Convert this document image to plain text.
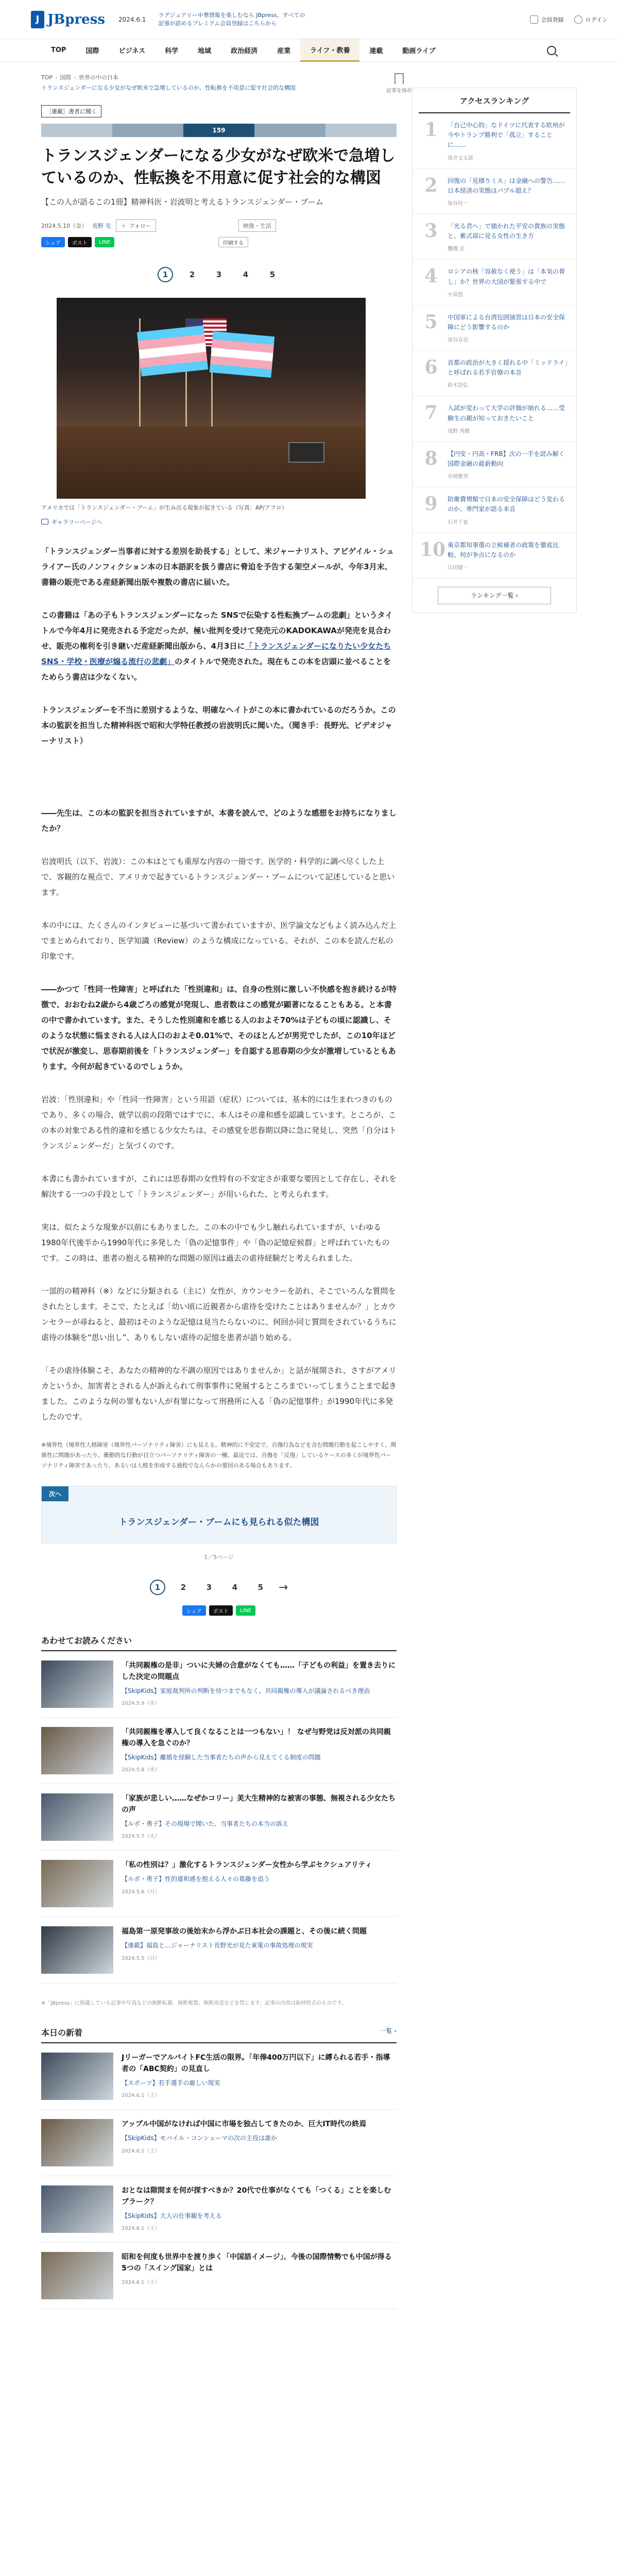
J JBpress 2024.6.1
ラグジュアリー中華情報を楽しむなら JBpress。すべての記事が読めるプレミアム会員登録はこちらから
会員登録	ログイン
TOP	国際	ビジネス	科学	地域	政治経済	産業	ライフ・教養	連載	動画ライブ
TOP › 国際 › 世界の中の日本
トランスジェンダーになる少女がなぜ欧米で急増しているのか、性転換を不用意に促す社会的な構図	記事を保存
［連載］書者に聞く
159
トランスジェンダーになる少女がなぜ欧米で急増しているのか、性転換を不用意に促す社会的な構図
【この人が語るこの1冊】精神科医・岩波明と考えるトランスジェンダー・ブーム
2024.5.10（金） 長野 光 ＋ フォロー	映像・生活
シェア	ポスト	LINE	印刷する
1	2	3	4	5
アメリカでは「トランスジェンダー・ブーム」が生み出る現象が起きている（写真：AP/アフロ）
ギャラリーページへ

「トランスジェンダー当事者に対する差別を助長する」として、米ジャーナリスト、アビゲイル・シュライアー氏のノンフィクション本の日本語訳を扱う書店に脅迫を予告する架空メールが、今年3月末、書籍の販売である産経新聞出版や複数の書店に届いた。

この書籍は「あの子もトランスジェンダーになった SNSで伝染する性転換ブームの悲劇」というタイトルで今年4月に発売される予定だったが、極い批判を受けて発売元のKADOKAWAが発売を見合わせ、販売の権利を引き継いだ産経新聞出版から、4月3日に「トランスジェンダーになりたい少女たち SNS・学校・医療が煽る流行の悲劇」のタイトルで発売された。現在もこの本を店頭に並べることをためらう書店は少なくない。

トランスジェンダーを不当に差別するような、明確なヘイトがこの本に書かれているのだろうか。この本の監訳を担当した精神科医で昭和大学特任教授の岩波明氏に聞いた。（聞き手：長野光、ビデオジャーナリスト）

――先生は、この本の監訳を担当されていますが、本書を読んで、どのような感想をお持ちになりましたか？

岩波明氏（以下、岩波）：この本はとても重厚な内容の一冊です。医学的・科学的に調べ尽くした上で、客観的な視点で、アメリカで起きているトランスジェンダー・ブームについて記述していると思います。

本の中には、たくさんのインタビューに基づいて書かれていますが、医学論文などもよく読み込んだ上でまとめられており、医学知識（Review）のような構成になっている。それが、この本を読んだ私の印象です。

――かつて「性同一性障害」と呼ばれた「性別違和」は、自身の性別に激しい不快感を抱き続けるが特徴で、おおむね2歳から4歳ごろの感覚が発現し、患者数はこの感覚が顕著になることもある。と本書の中で書かれています。また、そうした性別違和を感じる人のおよそ70%は子どもの頃に認識し、そのような状態に悩まされる人は人口のおよそ0.01%で、そのほとんどが男児でしたが、この10年ほどで状況が激変し、思春期前後を「トランスジェンダー」を自認する思春期の少女が激増しているともあります。今何が起きているのでしょうか。

岩波：「性別違和」や「性同一性障害」という用語（症状）については、基本的には生まれつきのものであり、多くの場合、就学以前の段階ではすでに、本人はその違和感を認識しています。ところが、この本の対象である性的違和を感じる少女たちは、その感覚を思春期以降に急に発見し、突然「自分はトランスジェンダーだ」と気づくのです。

本書にも書かれていますが、これには思春期の女性特有の不安定さが重要な要因として存在し、それを解決する一つの手段として「トランスジェンダー」が用いられた、と考えられます。

実は、似たような現象が以前にもありました。この本の中でも少し触れられていますが、いわゆる1980年代後半から1990年代に多発した「偽の記憶事件」や「偽の記憶症候群」と呼ばれていたものです。この時は、患者の抱える精神的な問題の原因は過去の虐待経験だと考えられました。

一部的の精神科（※）などに分類される（主に）女性が、カウンセラーを訪れ、そこでいろんな質問をされたとします。そこで、たとえば「幼い頃に近親者から虐待を受けたことはありませんか？」とカウンセラーが尋ねると、最初はそのような記憶は見当たらないのに、何回か同じ質問をされているうちに虐待の体験を“思い出し”、ありもしない虐待の記憶を患者が語り始める。

「その虐待体験こそ、あなたの精神的な不調の原因ではありませんか」と話が展開され、さすがアメリカというか、加害者とされる人が訴えられて刑事事件に発展するところまでいってしまうことまで起きました。このような何の罪もない人が有罪になって刑務所に入る「偽の記憶事件」が1990年代に多発したのです。

※境界性（境界性人格障害（境界性パーソナリティ障害）にも見える。精神的に不安定で、自傷行為などを含む問題行動を起こしやすく、関係性に問題があったり、衝動的な行動が目立つパーソナリティ障害の一種。最近では、自傷を「反復」しているケースの多くが境界性パーソナリティ障害であったり、あるいは人格を形成する過程でなんらかの要因のある場合もあります。
次へ
トランスジェンダー・ブームにも見られる似た構図
1／5ページ
1	2	3	4	5	→
シェア	ポスト	LINE
あわせてお読みください
「共同親権の是非」ついに夫婦の合意がなくても……「子どもの利益」を置き去りにした決定の問題点
【SkipKids】家庭裁判所の判断を待つまでもなく、共同親権の導入が議論されるべき理由
2024.5.9（木）
「共同親権を導入して良くなることは一つもない」！ なぜ与野党は反対派の共同親権の導入を急ぐのか？
【SkipKids】離婚を経験した当事者たちの声から見えてくる制度の問題
2024.5.8（水）
「家族が悲しい……なぜかコリー」美大生精神的な被害の事態、無視される少女たちの声
【ルポ・勇子】その現場で聞いた、当事者たちの本当の訴え
2024.5.7（火）
「私の性別は？」激化するトランスジェンダー女性から学ぶセクシュアリティ
【ルポ・勇子】性的違和感を抱える人々の葛藤を追う
2024.5.6（月）
福島第一原発事故の後始末から浮かぶ日本社会の課題と、その後に続く問題
【連載】福島と…ジャーナリスト長野光が見た東電の事故処理の現実
2024.5.5（日）
※「JBpress」に掲載している記事や写真などの無断転載、無断複製、無断改変などを禁じます。記事の内容は取材時点のものです。
本日の新着	一覧 ›
JリーガーでアルバイトFC生活の限界。「年俸400万円以下」に縛られる若手・指導者の「ABC契約」の見直し
【スポーツ】若手選手の厳しい現実
2024.6.1（土）
アップル中国がなければ中国に市場を独占してきたのか、巨大IT時代の終焉
【SkipKids】モバイル・コンシューマの次の主役は誰か
2024.6.1（土）
おとなは隙間まを何が探すべきか？20代で仕事がなくても「つくる」ことを楽しむブラーク？
【SkipKids】大人の仕事観を考える
2024.6.1（土）
昭和を何度も世界中を渡り歩く「中国語イメージ」、今後の国際情勢でも中国が得る5つの「スイング国家」とは
2024.6.1（土）
アクセスランキング
1	「自己中心的」なドイツに代表する欧州が今やトランプ勝利で「孤立」することに……
黒井文太郎
2	回復の「見積りミス」は金融への警告……日本経済の実態はバブル超え？
加谷珪一
3	「光る君へ」で描かれた平安の貴族の実態と、紫式部に見る女性の生き方
鷹橋 忍
4	ロシアの核「容赦なく使う」は「本気の脅し」か？世界の大国が緊張する中で
小泉悠
5	中国軍による台湾包囲演習は日本の安全保障にどう影響するのか
部谷直亮
6	首都の政治が大きく揺れる中「ミッドライ」と呼ばれる若手官僚の本音
鈴木崇弘
7	入試が変わって大学の評価が崩れる……受験生の親が知っておきたいこと
浅野 秀樹
8	【円安・円高・FRB】次の一手を読み解く国際金融の最新動向
市岡繁男
9	防衛費増額で日本の安全保障はどう変わるのか、専門家が語る本音
石井千夏
10 東京都知事選の立候補者の政策を徹底比較、何が争点になるのか
江田健一
ランキング一覧 ›
